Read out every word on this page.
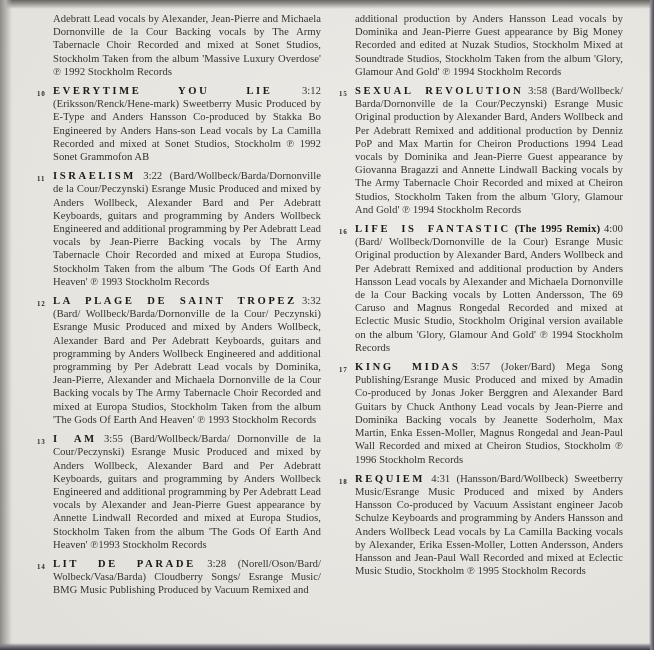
Adebratt Lead vocals by Alexander, Jean-Pierre and Michaela Dornonville de la Cour Backing vocals by The Army Tabernacle Choir Recorded and mixed at Sonet Studios, Stockholm Taken from the album 'Massive Luxury Overdose' ℗ 1992 Stockholm Records

10 EVERYTIME YOU LIE	3:12 (Eriksson/Renck/Hene-mark) Sweetberry Music Produced by E-Type and Anders Hansson Co-produced by Stakka Bo Engineered by Anders Hans-son Lead vocals by La Camilla Recorded and mixed at Sonet Studios, Stockholm ℗ 1992 Sonet Grammofon AB

11 ISRAELISM 3:22 (Bard/Wollbeck/Barda/Dornonville de la Cour/Peczynski) Esrange Music Produced and mixed by Anders Wollbeck, Alexander Bard and Per Adebratt Keyboards, guitars and programming by Anders Wollbeck Engineered and additional programming by Per Adebratt Lead vocals by Jean-Pierre Backing vocals by The Army Tabernacle Choir Recorded and mixed at Europa Studios, Stockholm Taken from the album 'The Gods Of Earth And Heaven' ℗ 1993 Stockholm Records

12 LA PLAGE DE SAINT TROPEZ 3:32 (Bard/ Wollbeck/Barda/Dornonville de la Cour/ Peczynski) Esrange Music Produced and mixed by Anders Wollbeck, Alexander Bard and Per Adebratt Keyboards, guitars and programming by Anders Wollbeck Engineered and additional programming by Per Adebratt Lead vocals by Dominika, Jean-Pierre, Alexander and Michaela Dornonville de la Cour Backing vocals by The Army Tabernacle Choir Recorded and mixed at Europa Studios, Stockholm Taken from the album 'The Gods Of Earth And Heaven' ℗ 1993 Stockholm Records

13 I AM 3:55 (Bard/Wollbeck/Barda/ Dornonville de la Cour/Peczynski) Esrange Music Produced and mixed by Anders Wollbeck, Alexander Bard and Per Adebratt Keyboards, guitars and programming by Anders Wollbeck Engineered and additional programming by Per Adebratt Lead vocals by Alexander and Jean-Pierre Guest appearance by Annette Lindwall Recorded and mixed at Europa Studios, Stockholm Taken from the album 'The Gods Of Earth And Heaven' ℗1993 Stockholm Records

14 LIT DE PARADE 3:28 (Norell/Oson/Bard/ Wolbeck/Vasa/Barda) Cloudberry Songs/ Esrange Music/ BMG Music Publishing Produced by Vacuum Remixed and

additional production by Anders Hansson Lead vocals by Dominika and Jean-Pierre Guest appearance by Big Money Recorded and edited at Nuzak Studios, Stockholm Mixed at Soundtrade Studios, Stockholm Taken from the album 'Glory, Glamour And Gold' ℗ 1994 Stockholm Records

15 SEXUAL REVOLUTION 3:58 (Bard/Wollbeck/ Barda/Dornonville de la Cour/Peczynski) Esrange Music Original production by Alexander Bard, Anders Wollbeck and Per Adebratt Remixed and additional production by Denniz PoP and Max Martin for Cheiron Productions 1994 Lead vocals by Dominika and Jean-Pierre Guest appearance by Giovanna Bragazzi and Annette Lindwall Backing vocals by The Army Tabernacle Choir Recorded and mixed at Cheiron Studios, Stockholm Taken from the album 'Glory, Glamour And Gold' ℗ 1994 Stockholm Records

16 LIFE IS FANTASTIC (The 1995 Remix) 4:00 (Bard/ Wollbeck/Dornonville de la Cour) Esrange Music Original production by Alexander Bard, Anders Wollbeck and Per Adebratt Remixed and additional production by Anders Hansson Lead vocals by Alexander and Michaela Dornonville de la Cour Backing vocals by Lotten Andersson, The 69 Caruso and Magnus Rongedal Recorded and mixed at Eclectic Music Studio, Stockholm Original version available on the album 'Glory, Glamour And Gold' ℗ 1994 Stockholm Records

17 KING MIDAS 3:57 (Joker/Bard) Mega Song Publishing/Esrange Music Produced and mixed by Amadin Co-produced by Jonas Joker Berggren and Alexander Bard Guitars by Chuck Anthony Lead vocals by Jean-Pierre and Dominika Backing vocals by Jeanette Soderholm, Max Martin, Enka Essen-Moller, Magnus Rongedal and Jean-Paul Wall Recorded and mixed at Cheiron Studios, Stockholm ℗ 1996 Stockholm Records

18 REQUIEM 4:31 (Hansson/Bard/Wollbeck) Sweetberry Music/Esrange Music Produced and mixed by Anders Hansson Co-produced by Vacuum Assistant engineer Jacob Schulze Keyboards and programming by Anders Hansson and Anders Wollbeck Lead vocals by La Camilla Backing vocals by Alexander, Erika Essen-Moller, Lotten Andersson, Anders Hansson and Jean-Paul Wall Recorded and mixed at Eclectic Music Studio, Stockholm ℗ 1995 Stockholm Records
